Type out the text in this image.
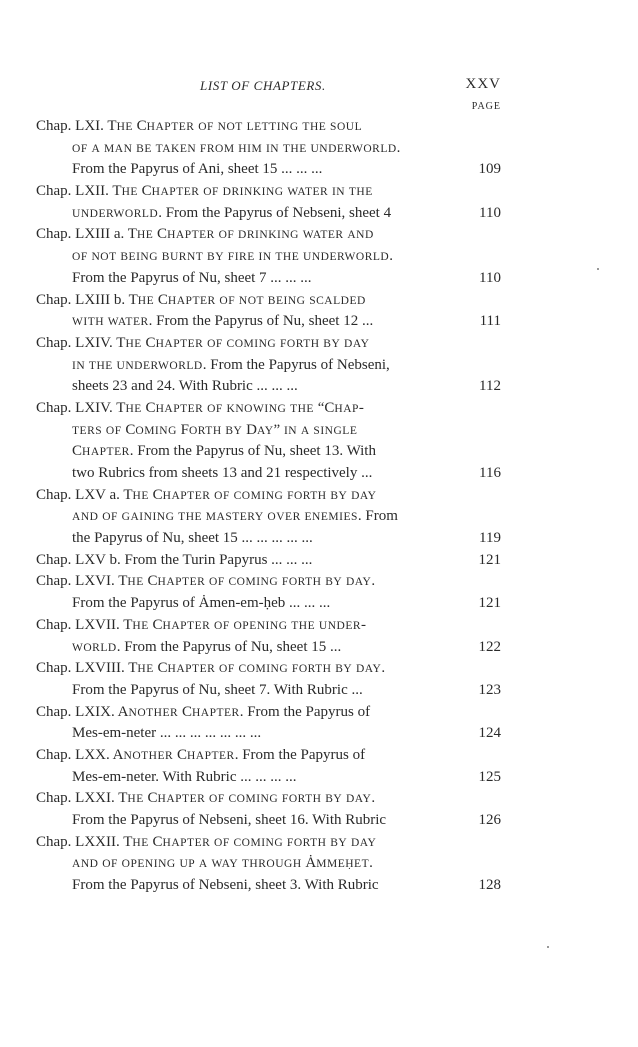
LIST OF CHAPTERS.	XXV
PAGE
Chap. LXI. THE CHAPTER OF NOT LETTING THE SOUL
OF A MAN BE TAKEN FROM HIM IN THE UNDERWORLD.
From the Papyrus of Ani, sheet 15 ... ... ...	109
Chap. LXII. THE CHAPTER OF DRINKING WATER IN THE
UNDERWORLD. From the Papyrus of Nebseni, sheet 4	110
Chap. LXIII a. THE CHAPTER OF DRINKING WATER AND
OF NOT BEING BURNT BY FIRE IN THE UNDERWORLD.
From the Papyrus of Nu, sheet 7 ... ... ...	110
Chap. LXIII b. THE CHAPTER OF NOT BEING SCALDED
WITH WATER. From the Papyrus of Nu, sheet 12 ...	111
Chap. LXIV. THE CHAPTER OF COMING FORTH BY DAY
IN THE UNDERWORLD. From the Papyrus of Nebseni,
sheets 23 and 24. With Rubric ... ... ...	112
Chap. LXIV. THE CHAPTER OF KNOWING THE “CHAP-
TERS OF COMING FORTH BY DAY” IN A SINGLE
CHAPTER. From the Papyrus of Nu, sheet 13. With
two Rubrics from sheets 13 and 21 respectively ...	116
Chap. LXV a. THE CHAPTER OF COMING FORTH BY DAY
AND OF GAINING THE MASTERY OVER ENEMIES. From
the Papyrus of Nu, sheet 15 ... ... ... ... ...	119
Chap. LXV b. From the Turin Papyrus ... ... ...	121
Chap. LXVI. THE CHAPTER OF COMING FORTH BY DAY.
From the Papyrus of Ȧmen-em-ḥeb ... ... ...	121
Chap. LXVII. THE CHAPTER OF OPENING THE UNDER-
WORLD. From the Papyrus of Nu, sheet 15 ...	122
Chap. LXVIII. THE CHAPTER OF COMING FORTH BY DAY.
From the Papyrus of Nu, sheet 7. With Rubric ...	123
Chap. LXIX. ANOTHER CHAPTER. From the Papyrus of
Mes-em-neter ... ... ... ... ... ... ...	124
Chap. LXX. ANOTHER CHAPTER. From the Papyrus of
Mes-em-neter. With Rubric ... ... ... ...	125
Chap. LXXI. THE CHAPTER OF COMING FORTH BY DAY.
From the Papyrus of Nebseni, sheet 16. With Rubric	126
Chap. LXXII. THE CHAPTER OF COMING FORTH BY DAY
AND OF OPENING UP A WAY THROUGH ȦMMEḤET.
From the Papyrus of Nebseni, sheet 3. With Rubric	128
